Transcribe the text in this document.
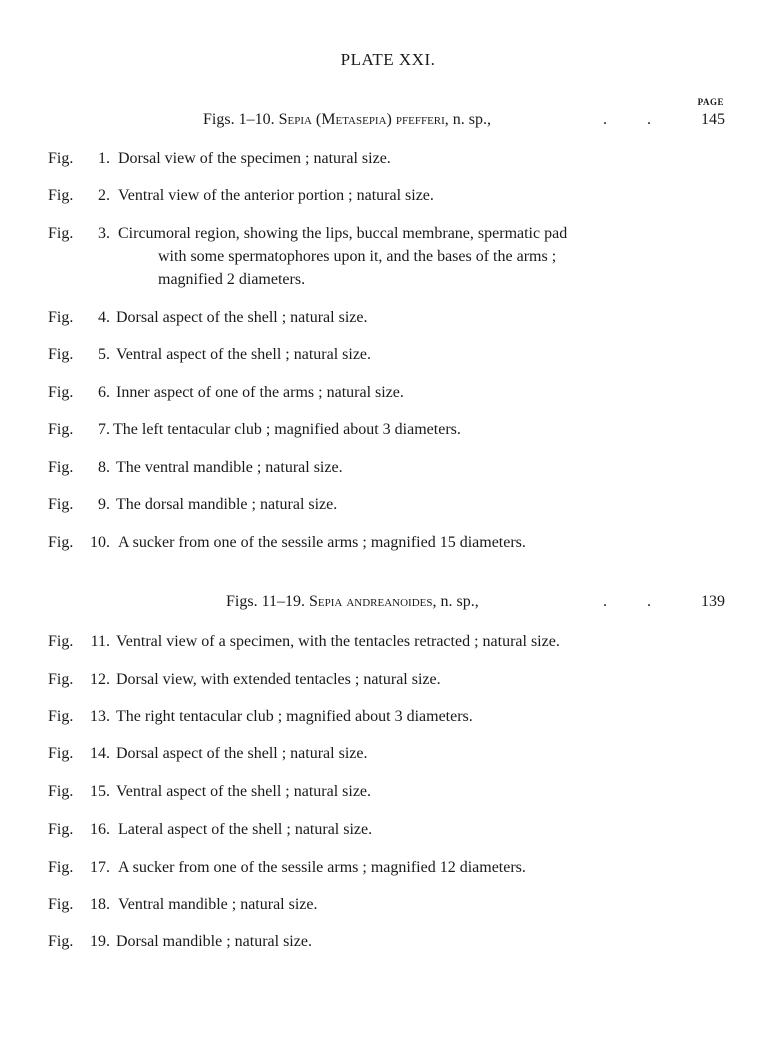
PLATE XXI.
PAGE
Figs. 1–10. Sepia (Metasepia) pfefferi, n. sp.,	.          .	145
Fig.	1. Dorsal view of the specimen ; natural size.
Fig.	2. Ventral view of the anterior portion ; natural size.
Fig.	3. Circumoral region, showing the lips, buccal membrane, spermatic pad
with some spermatophores upon it, and the bases of the arms ;
magnified 2 diameters.
Fig.	4. Dorsal aspect of the shell ; natural size.
Fig.	5. Ventral aspect of the shell ; natural size.
Fig.	6. Inner aspect of one of the arms ; natural size.
Fig.	7. The left tentacular club ; magnified about 3 diameters.
Fig.	8. The ventral mandible ; natural size.
Fig.	9. The dorsal mandible ; natural size.
Fig. 10. A sucker from one of the sessile arms ; magnified 15 diameters.
Figs. 11–19. Sepia andreanoides, n. sp.,	.          .	139
Fig. 11. Ventral view of a specimen, with the tentacles retracted ; natural size.
Fig. 12. Dorsal view, with extended tentacles ; natural size.
Fig. 13. The right tentacular club ; magnified about 3 diameters.
Fig. 14. Dorsal aspect of the shell ; natural size.
Fig. 15. Ventral aspect of the shell ; natural size.
Fig. 16. Lateral aspect of the shell ; natural size.
Fig. 17. A sucker from one of the sessile arms ; magnified 12 diameters.
Fig. 18. Ventral mandible ; natural size.
Fig. 19. Dorsal mandible ; natural size.
